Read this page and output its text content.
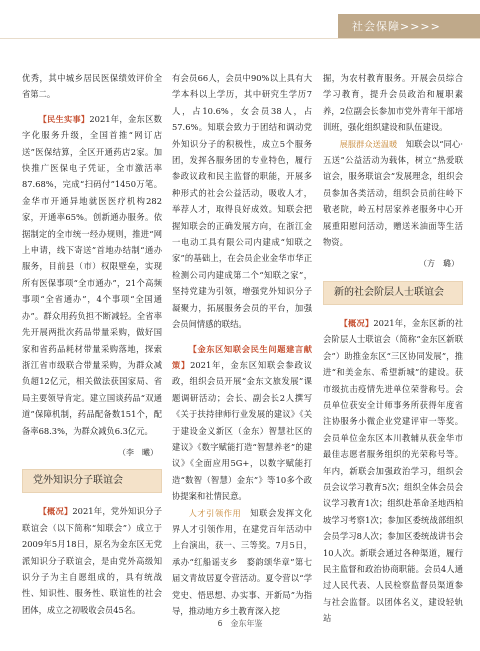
社会保障>>>>

优秀，其中城乡居民医保绩效评价全省第二。

【民生实事】2021年，金东区数字化服务升级，全国首推“网订店送”医保结算，全区开通药店2家。加快推广医保电子凭证，全市激活率87.68%，完成“扫码付”1450万笔。金华市开通异地就医医疗机构282家，开通率65%。创新通办服务。依据制定的全市统一经办规则，推进“网上申请，线下寄送”首地办结制“通办服务，目前县（市）权限壁垒，实现所有医保事项“全市通办”，21个高频事项“全省通办”，4个事项“全国通办”。群众用药负担不断减轻。全省率先开展两批次药品带量采购，做好国家和省药品耗材带量采购落地，探索浙江省市级联合带量采购，为群众减负超12亿元，相关做法获国家局、省局主要领导肯定。建立国谈药品“双通道”保障机制，药品配备数151个，配备率68.3%，为群众减负6.3亿元。

（李　曦）
党外知识分子联谊会

【概况】2021年，党外知识分子联谊会（以下简称“知联会”）成立于2009年5月18日，原名为金东区无党派知识分子联谊会，是由党外高级知识分子为主自愿组成的，具有统战性、知识性、服务性、联谊性的社会团体，成立之初吸收会员45名。

有会员66人，会员中90%以上具有大学本科以上学历，其中研究生学历7人，占10.6%，女会员38人，占57.6%。知联会致力于团结和调动党外知识分子的积极性，成立5个服务团，发挥各服务团的专业特色，履行参政议政和民主监督的职能，开展多种形式的社会公益活动，吸收人才，举荐人才，取得良好成效。知联会把握知联会的正确发展方向，在浙江金一电动工具有限公司内建成“知联之家”的基础上，在会员企业金华市华正检测公司内建成第二个“知联之家”，坚持党建为引领，增强党外知识分子凝聚力，拓展服务会员的平台，加强会员间情感的联结。

【金东区知联会民生问题建言献策】2021年，金东区知联会参政议政，组织会员开展“金东文旅发展”课题调研活动；会长、副会长2人撰写《关于扶持律师行业发展的建议》《关于建设金义新区（金东）智慧社区的建议》《数字赋能打造“智慧养老”的建议》《全面应用5G+，以数字赋能打造“数智（智慧）金东”》等10多个政协提案和社情民意。

人才引领作用　 知联会发挥文化界人才引领作用，在建党百年活动中上台演出，获一、三等奖。7月5日，承办“红船谣支乡　婺韵颂华章”第七届文青故居夏令营活动。夏令营以“学党史、悟思想、办实事、开新局”为指导，推动地方乡土教育深入挖

掘，为农村教育服务。开展会员综合学习教育，提升会员政治和履职素养，2位副会长参加市党外青年干部培训班，强化组织建设和队伍建设。

展服群众送温暖　 知联会以“同心·五送”公益活动为载体，树立“热爱联谊会，服务联谊会”发展理念，组织会员参加各类活动，组织会员前往岭下敬老院，岭五村居家养老服务中心开展重阳慰问活动，赠送米油面等生活物资。

（方　璐）
新的社会阶层人士联谊会

【概况】2021年，金东区新的社会阶层人士联谊会（简称“金东区新联会”）助推金东区“三区协同发展”，推进“和美金东、希望新城”的建设。获市级抗击疫情先进单位荣誉称号。会员单位获安全计师事务所获得年度省注协服务小微企业党建评审一等奖。会员单位金东区本川教辅从获金华市最佳志愿者服务组织的光荣称号等。年内，新联会加强政治学习，组织会员会议学习教育5次；组织全体会员会议学习教育1次；组织赴革命圣地西柏坡学习考察1次；参加区委统战部组织会员学习8人次；参加区委统战讲书会10人次。新联会通过各种渠道，履行民主监督和政治协商职能。会员4人通过人民代表、人民检察监督员渠道参与社会监督。以团体名义，建设轻轨站

6　金东年鉴
